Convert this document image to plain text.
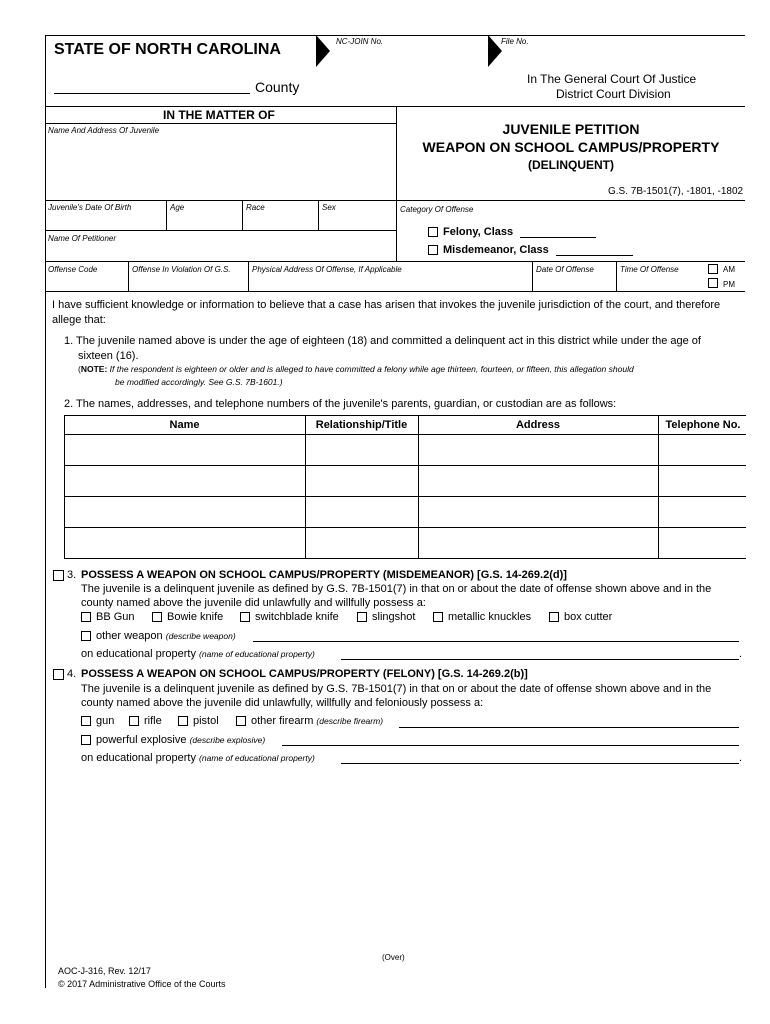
STATE OF NORTH CAROLINA	NC-JOIN No.	File No.
County	In The General Court Of Justice
District Court Division
IN THE MATTER OF
Name And Address Of Juvenile	JUVENILE PETITION
WEAPON ON SCHOOL CAMPUS/PROPERTY
(DELINQUENT)
G.S. 7B-1501(7), -1801, -1802
Juvenile's Date Of Birth	Age	Race	Sex	Category Of Offense
Name Of Petitioner
Felony, Class
Misdemeanor, Class
Offense Code	Offense In Violation Of G.S.	Physical Address Of Offense, If Applicable	Date Of Offense	Time Of Offense	AM
PM
I have sufficient knowledge or information to believe that a case has arisen that invokes the juvenile jurisdiction of the court, and therefore
allege that:
1. The juvenile named above is under the age of eighteen (18) and committed a delinquent act in this district while under the age of
sixteen (16).
(NOTE: If the respondent is eighteen or older and is alleged to have committed a felony while age thirteen, fourteen, or fifteen, this allegation should
be modified accordingly. See G.S. 7B-1601.)
2. The names, addresses, and telephone numbers of the juvenile's parents, guardian, or custodian are as follows:
Name	Relationship/Title	Address	Telephone No.
3. POSSESS A WEAPON ON SCHOOL CAMPUS/PROPERTY (MISDEMEANOR) [G.S. 14-269.2(d)]
The juvenile is a delinquent juvenile as defined by G.S. 7B-1501(7) in that on or about the date of offense shown above and in the
county named above the juvenile did unlawfully and willfully possess a:
BB Gun	Bowie knife	switchblade knife	slingshot	metallic knuckles	box cutter
other weapon (describe weapon)
on educational property (name of educational property)	.
4. POSSESS A WEAPON ON SCHOOL CAMPUS/PROPERTY (FELONY) [G.S. 14-269.2(b)]
The juvenile is a delinquent juvenile as defined by G.S. 7B-1501(7) in that on or about the date of offense shown above and in the
county named above the juvenile did unlawfully, willfully and feloniously possess a:
gun	rifle	pistol	other firearm (describe firearm)
powerful explosive (describe explosive)
on educational property (name of educational property)	.
(Over)
AOC-J-316, Rev. 12/17
© 2017 Administrative Office of the Courts
